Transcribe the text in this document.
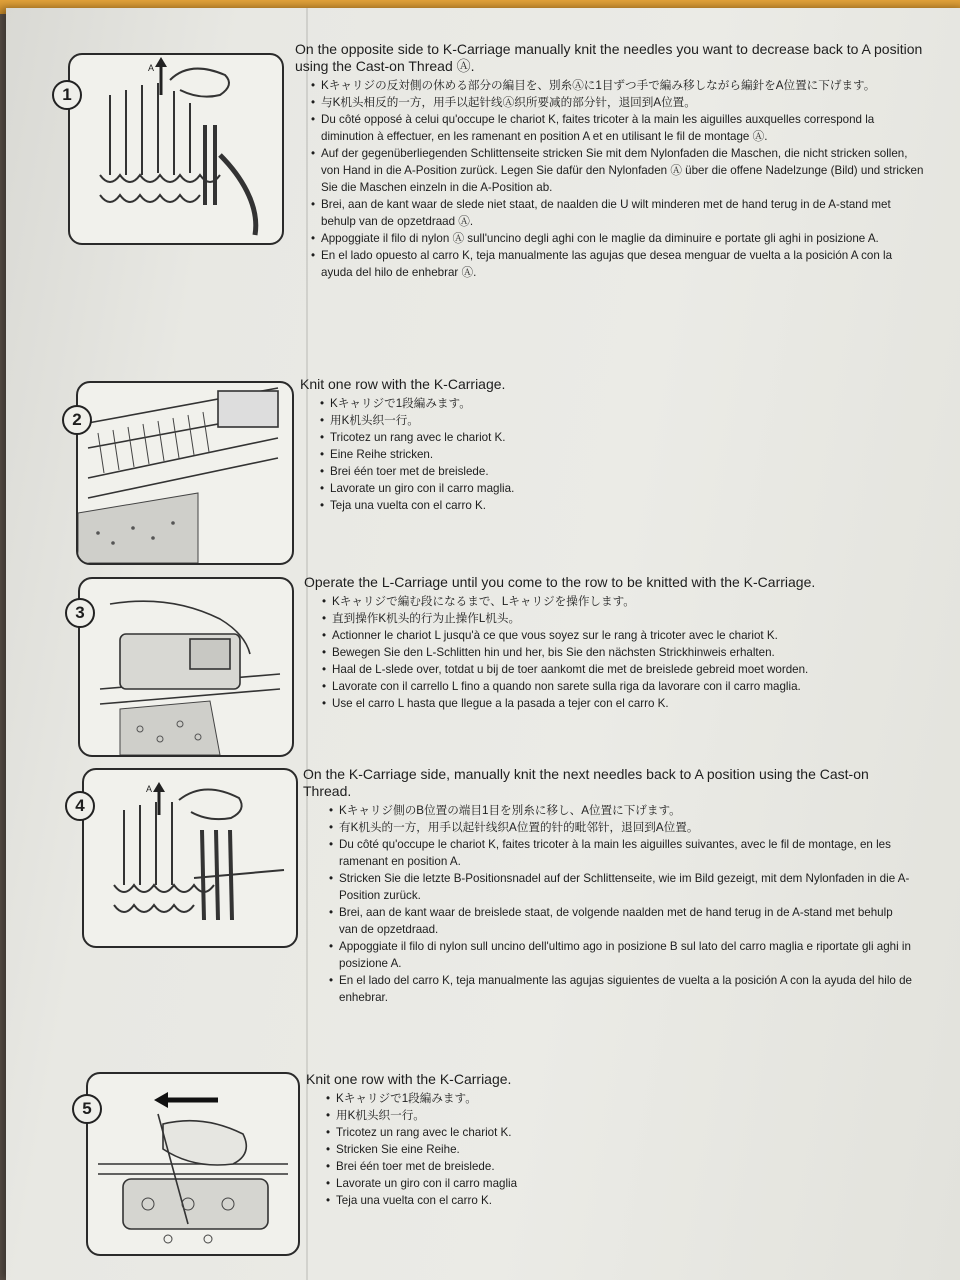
1
A

On the opposite side to K-Carriage manually knit the needles you want to decrease back to A position using the Cast-on Thread Ⓐ.

• Kキャリジの反対側の休める部分の編目を、別糸Ⓐに1目ずつ手で編み移しながら編針をA位置に下げます。
• 与K机头相反的一方，用手以起针线Ⓐ织所要减的部分针，退回到A位置。
• Du côté opposé à celui qu'occupe le chariot K, faites tricoter à la main les aiguilles auxquelles correspond la diminution à effectuer, en les ramenant en position A et en utilisant le fil de montage Ⓐ.
• Auf der gegenüberliegenden Schlittenseite stricken Sie mit dem Nylonfaden die Maschen, die nicht stricken sollen, von Hand in die A-Position zurück. Legen Sie dafür den Nylonfaden Ⓐ über die offene Nadelzunge (Bild) und stricken Sie die Maschen einzeln in die A-Position ab.
• Brei, aan de kant waar de slede niet staat, de naalden die U wilt minderen met de hand terug in de A-stand met behulp van de opzetdraad Ⓐ.
• Appoggiate il filo di nylon Ⓐ sull'uncino degli aghi con le maglie da diminuire e portate gli aghi in posizione A.
• En el lado opuesto al carro K, teja manualmente las agujas que desea menguar de vuelta a la posición A con la ayuda del hilo de enhebrar Ⓐ.
2

Knit one row with the K-Carriage.

• Kキャリジで1段編みます。
• 用K机头织一行。
• Tricotez un rang avec le chariot K.
• Eine Reihe stricken.
• Brei één toer met de breislede.
• Lavorate un giro con il carro maglia.
• Teja una vuelta con el carro K.
3

Operate the L-Carriage until you come to the row to be knitted with the K-Carriage.

• Kキャリジで編む段になるまで、Lキャリジを操作します。
• 直到操作K机头的行为止操作L机头。
• Actionner le chariot L jusqu'à ce que vous soyez sur le rang à tricoter avec le chariot K.
• Bewegen Sie den L-Schlitten hin und her, bis Sie den nächsten Strickhinweis erhalten.
• Haal de L-slede over, totdat u bij de toer aankomt die met de breislede gebreid moet worden.
• Lavorate con il carrello L fino a quando non sarete sulla riga da lavorare con il carro maglia.
• Use el carro L hasta que llegue a la pasada a tejer con el carro K.
4
A

On the K-Carriage side, manually knit the next needles back to A position using the Cast-on Thread.

• Kキャリジ側のB位置の端目1目を別糸に移し、A位置に下げます。
• 有K机头的一方，用手以起针线织A位置的针的毗邻针，退回到A位置。
• Du côté qu'occupe le chariot K, faites tricoter à la main les aiguilles suivantes, avec le fil de montage, en les ramenant en position A.
• Stricken Sie die letzte B-Positionsnadel auf der Schlittenseite, wie im Bild gezeigt, mit dem Nylonfaden in die A-Position zurück.
• Brei, aan de kant waar de breislede staat, de volgende naalden met de hand terug in de A-stand met behulp van de opzetdraad.
• Appoggiate il filo di nylon sull uncino dell'ultimo ago in posizione B sul lato del carro maglia e riportate gli aghi in posizione A.
• En el lado del carro K, teja manualmente las agujas siguientes de vuelta a la posición A con la ayuda del hilo de enhebrar.
5

Knit one row with the K-Carriage.

• Kキャリジで1段編みます。
• 用K机头织一行。
• Tricotez un rang avec le chariot K.
• Stricken Sie eine Reihe.
• Brei één toer met de breislede.
• Lavorate un giro con il carro maglia
• Teja una vuelta con el carro K.
